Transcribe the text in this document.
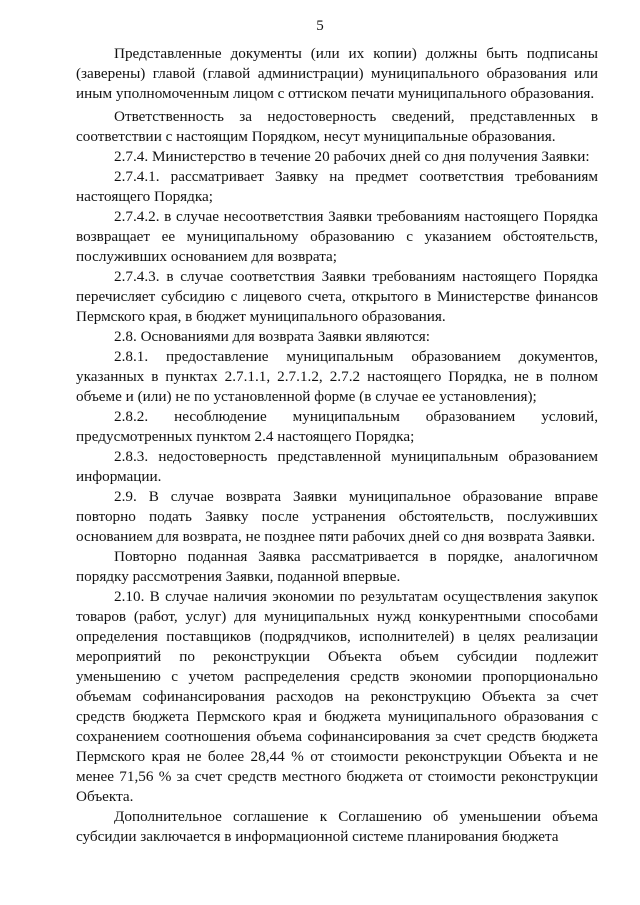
5

Представленные документы (или их копии) должны быть подписаны (заверены) главой (главой администрации) муниципального образования или иным уполномоченным лицом с оттиском печати муниципального образования.

Ответственность за недостоверность сведений, представленных в соответствии с настоящим Порядком, несут муниципальные образования.

2.7.4. Министерство в течение 20 рабочих дней со дня получения Заявки:

2.7.4.1. рассматривает Заявку на предмет соответствия требованиям настоящего Порядка;

2.7.4.2. в случае несоответствия Заявки требованиям настоящего Порядка возвращает ее муниципальному образованию с указанием обстоятельств, послуживших основанием для возврата;

2.7.4.3. в случае соответствия Заявки требованиям настоящего Порядка перечисляет субсидию с лицевого счета, открытого в Министерстве финансов Пермского края, в бюджет муниципального образования.

2.8. Основаниями для возврата Заявки являются:

2.8.1. предоставление муниципальным образованием документов, указанных в пунктах 2.7.1.1, 2.7.1.2, 2.7.2 настоящего Порядка, не в полном объеме и (или) не по установленной форме (в случае ее установления);

2.8.2. несоблюдение муниципальным образованием условий, предусмотренных пунктом 2.4 настоящего Порядка;

2.8.3. недостоверность представленной муниципальным образованием информации.

2.9. В случае возврата Заявки муниципальное образование вправе повторно подать Заявку после устранения обстоятельств, послуживших основанием для возврата, не позднее пяти рабочих дней со дня возврата Заявки.

Повторно поданная Заявка рассматривается в порядке, аналогичном порядку рассмотрения Заявки, поданной впервые.

2.10. В случае наличия экономии по результатам осуществления закупок товаров (работ, услуг) для муниципальных нужд конкурентными способами определения поставщиков (подрядчиков, исполнителей) в целях реализации мероприятий по реконструкции Объекта объем субсидии подлежит уменьшению с учетом распределения средств экономии пропорционально объемам софинансирования расходов на реконструкцию Объекта за счет средств бюджета Пермского края и бюджета муниципального образования с сохранением соотношения объема софинансирования за счет средств бюджета Пермского края не более 28,44 % от стоимости реконструкции Объекта и не менее 71,56 % за счет средств местного бюджета от стоимости реконструкции Объекта.

Дополнительное соглашение к Соглашению об уменьшении объема субсидии заключается в информационной системе планирования бюджета
